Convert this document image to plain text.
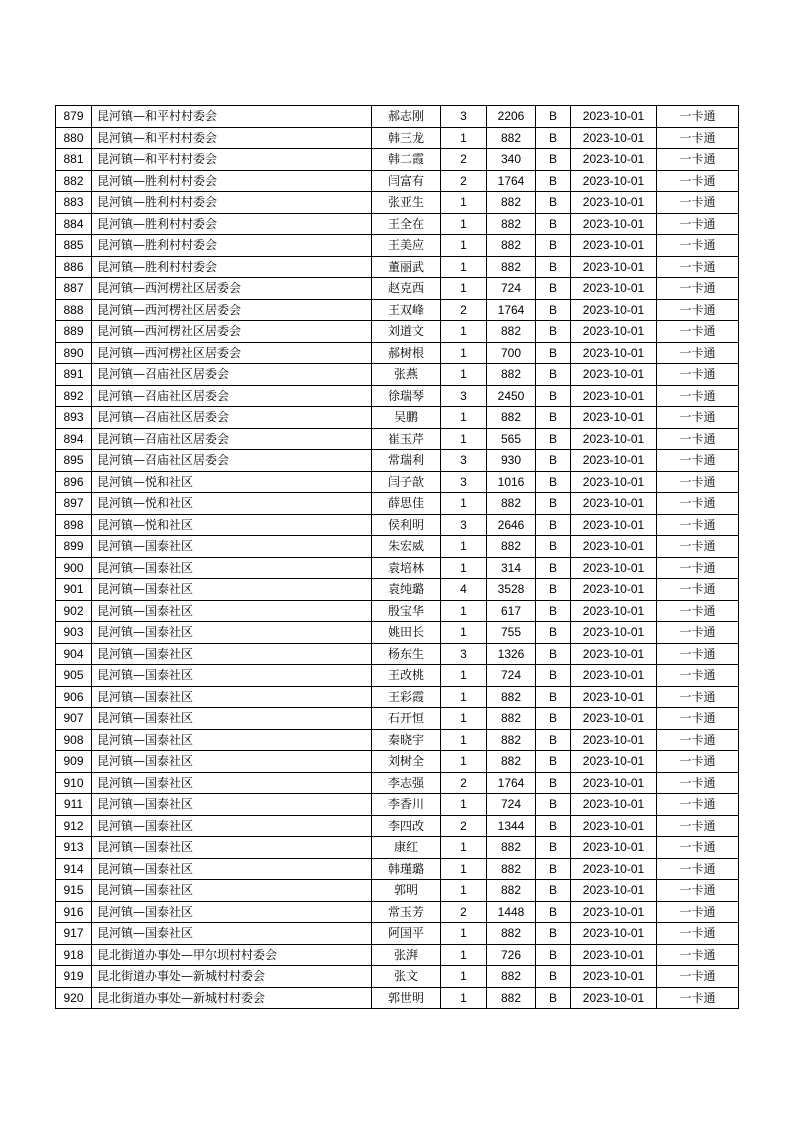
879	昆河镇—和平村村委会	郝志刚	3	2206	B	2023-10-01	一卡通
880	昆河镇—和平村村委会	韩三龙	1	882	B	2023-10-01	一卡通
881	昆河镇—和平村村委会	韩二霞	2	340	B	2023-10-01	一卡通
882	昆河镇—胜利村村委会	闫富有	2	1764	B	2023-10-01	一卡通
883	昆河镇—胜利村村委会	张亚生	1	882	B	2023-10-01	一卡通
884	昆河镇—胜利村村委会	王全在	1	882	B	2023-10-01	一卡通
885	昆河镇—胜利村村委会	王美应	1	882	B	2023-10-01	一卡通
886	昆河镇—胜利村村委会	董丽武	1	882	B	2023-10-01	一卡通
887	昆河镇—西河楞社区居委会	赵克西	1	724	B	2023-10-01	一卡通
888	昆河镇—西河楞社区居委会	王双峰	2	1764	B	2023-10-01	一卡通
889	昆河镇—西河楞社区居委会	刘道文	1	882	B	2023-10-01	一卡通
890	昆河镇—西河楞社区居委会	郝树根	1	700	B	2023-10-01	一卡通
891	昆河镇—召庙社区居委会	张燕	1	882	B	2023-10-01	一卡通
892	昆河镇—召庙社区居委会	徐瑞琴	3	2450	B	2023-10-01	一卡通
893	昆河镇—召庙社区居委会	吴鹏	1	882	B	2023-10-01	一卡通
894	昆河镇—召庙社区居委会	崔玉芹	1	565	B	2023-10-01	一卡通
895	昆河镇—召庙社区居委会	常瑞利	3	930	B	2023-10-01	一卡通
896	昆河镇—悦和社区	闫子歆	3	1016	B	2023-10-01	一卡通
897	昆河镇—悦和社区	薛思佳	1	882	B	2023-10-01	一卡通
898	昆河镇—悦和社区	侯利明	3	2646	B	2023-10-01	一卡通
899	昆河镇—国泰社区	朱宏威	1	882	B	2023-10-01	一卡通
900	昆河镇—国泰社区	袁培林	1	314	B	2023-10-01	一卡通
901	昆河镇—国泰社区	袁纯璐	4	3528	B	2023-10-01	一卡通
902	昆河镇—国泰社区	殷宝华	1	617	B	2023-10-01	一卡通
903	昆河镇—国泰社区	姚田长	1	755	B	2023-10-01	一卡通
904	昆河镇—国泰社区	杨东生	3	1326	B	2023-10-01	一卡通
905	昆河镇—国泰社区	王改桃	1	724	B	2023-10-01	一卡通
906	昆河镇—国泰社区	王彩霞	1	882	B	2023-10-01	一卡通
907	昆河镇—国泰社区	石开恒	1	882	B	2023-10-01	一卡通
908	昆河镇—国泰社区	秦晓宇	1	882	B	2023-10-01	一卡通
909	昆河镇—国泰社区	刘树全	1	882	B	2023-10-01	一卡通
910	昆河镇—国泰社区	李志强	2	1764	B	2023-10-01	一卡通
911	昆河镇—国泰社区	李香川	1	724	B	2023-10-01	一卡通
912	昆河镇—国泰社区	李四改	2	1344	B	2023-10-01	一卡通
913	昆河镇—国泰社区	康红	1	882	B	2023-10-01	一卡通
914	昆河镇—国泰社区	韩瑾璐	1	882	B	2023-10-01	一卡通
915	昆河镇—国泰社区	郭明	1	882	B	2023-10-01	一卡通
916	昆河镇—国泰社区	常玉芳	2	1448	B	2023-10-01	一卡通
917	昆河镇—国泰社区	阿国平	1	882	B	2023-10-01	一卡通
918	昆北街道办事处—甲尔坝村村委会	张湃	1	726	B	2023-10-01	一卡通
919	昆北街道办事处—新城村村委会	张文	1	882	B	2023-10-01	一卡通
920	昆北街道办事处—新城村村委会	郭世明	1	882	B	2023-10-01	一卡通
